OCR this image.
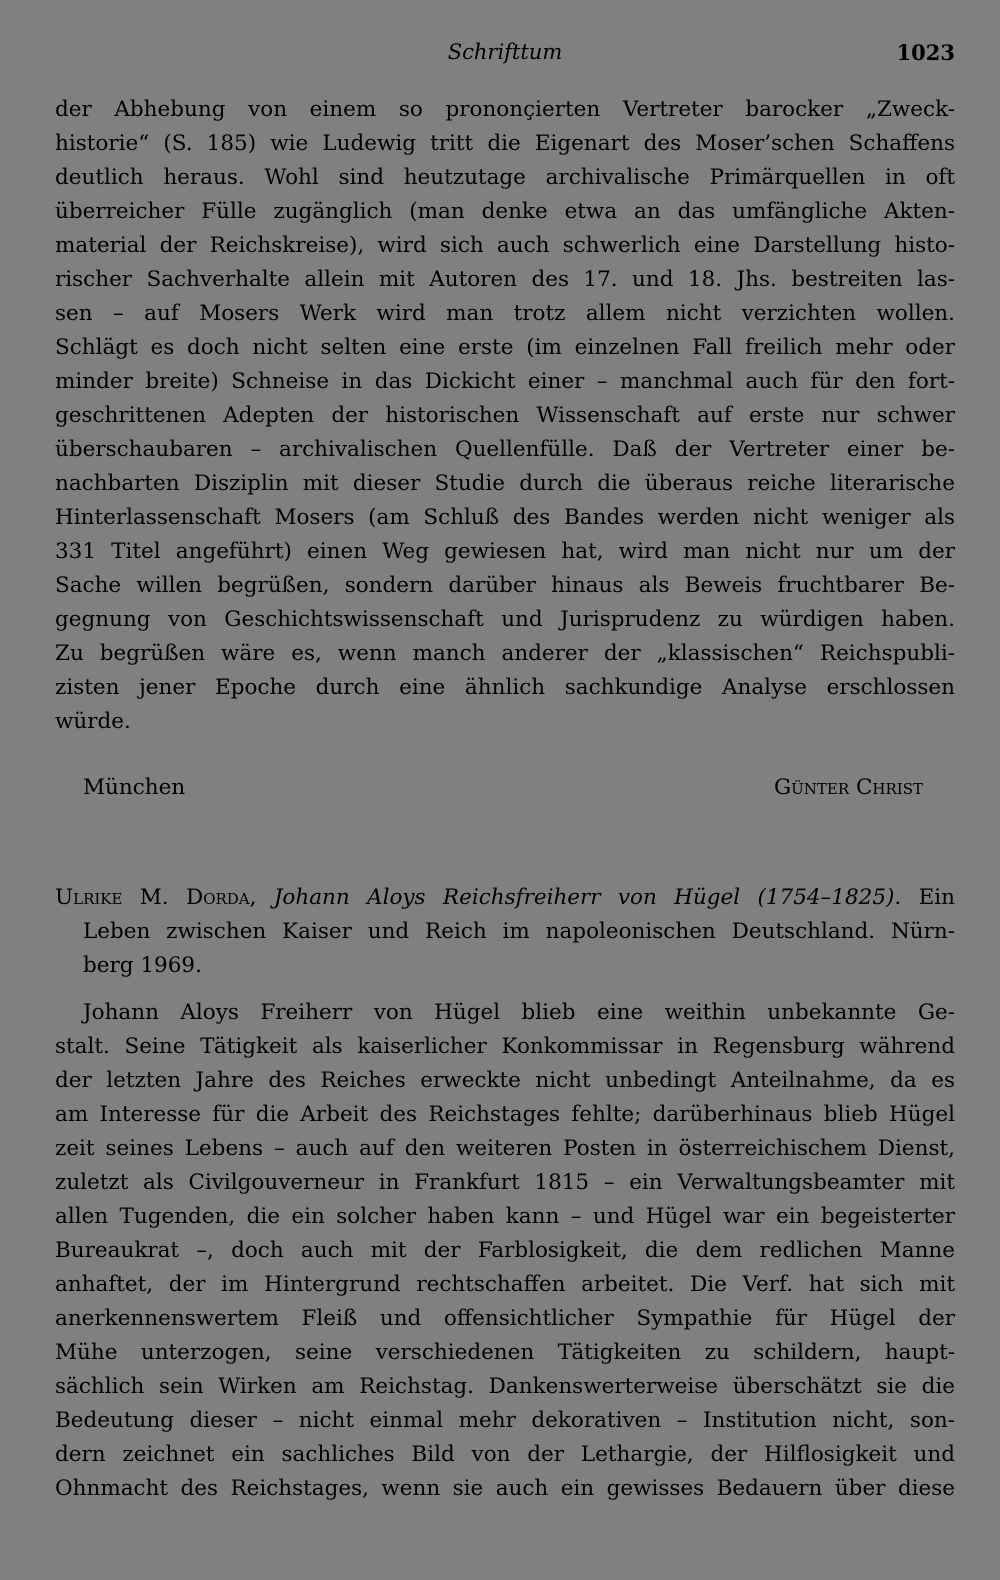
Schrifttum	1023
der Abhebung von einem so prononçierten Vertreter barocker „Zweck-
historie“ (S. 185) wie Ludewig tritt die Eigenart des Moser’schen Schaffens
deutlich heraus. Wohl sind heutzutage archivalische Primärquellen in oft
überreicher Fülle zugänglich (man denke etwa an das umfängliche Akten-
material der Reichskreise), wird sich auch schwerlich eine Darstellung histo-
rischer Sachverhalte allein mit Autoren des 17. und 18. Jhs. bestreiten las-
sen – auf Mosers Werk wird man trotz allem nicht verzichten wollen.
Schlägt es doch nicht selten eine erste (im einzelnen Fall freilich mehr oder
minder breite) Schneise in das Dickicht einer – manchmal auch für den fort-
geschrittenen Adepten der historischen Wissenschaft auf erste nur schwer
überschaubaren – archivalischen Quellenfülle. Daß der Vertreter einer be-
nachbarten Disziplin mit dieser Studie durch die überaus reiche literarische
Hinterlassenschaft Mosers (am Schluß des Bandes werden nicht weniger als
331 Titel angeführt) einen Weg gewiesen hat, wird man nicht nur um der
Sache willen begrüßen, sondern darüber hinaus als Beweis fruchtbarer Be-
gegnung von Geschichtswissenschaft und Jurisprudenz zu würdigen haben.
Zu begrüßen wäre es, wenn manch anderer der „klassischen“ Reichspubli-
zisten jener Epoche durch eine ähnlich sachkundige Analyse erschlossen
würde.
München	Günter Christ
Ulrike M. Dorda, Johann Aloys Reichsfreiherr von Hügel (1754–1825). Ein
Leben zwischen Kaiser und Reich im napoleonischen Deutschland. Nürn-
berg 1969.
Johann Aloys Freiherr von Hügel blieb eine weithin unbekannte Ge-
stalt. Seine Tätigkeit als kaiserlicher Konkommissar in Regensburg während
der letzten Jahre des Reiches erweckte nicht unbedingt Anteilnahme, da es
am Interesse für die Arbeit des Reichstages fehlte; darüberhinaus blieb Hügel
zeit seines Lebens – auch auf den weiteren Posten in österreichischem Dienst,
zuletzt als Civilgouverneur in Frankfurt 1815 – ein Verwaltungsbeamter mit
allen Tugenden, die ein solcher haben kann – und Hügel war ein begeisterter
Bureaukrat –, doch auch mit der Farblosigkeit, die dem redlichen Manne
anhaftet, der im Hintergrund rechtschaffen arbeitet. Die Verf. hat sich mit
anerkennenswertem Fleiß und offensichtlicher Sympathie für Hügel der
Mühe unterzogen, seine verschiedenen Tätigkeiten zu schildern, haupt-
sächlich sein Wirken am Reichstag. Dankenswerterweise überschätzt sie die
Bedeutung dieser – nicht einmal mehr dekorativen – Institution nicht, son-
dern zeichnet ein sachliches Bild von der Lethargie, der Hilflosigkeit und
Ohnmacht des Reichstages, wenn sie auch ein gewisses Bedauern über diese
